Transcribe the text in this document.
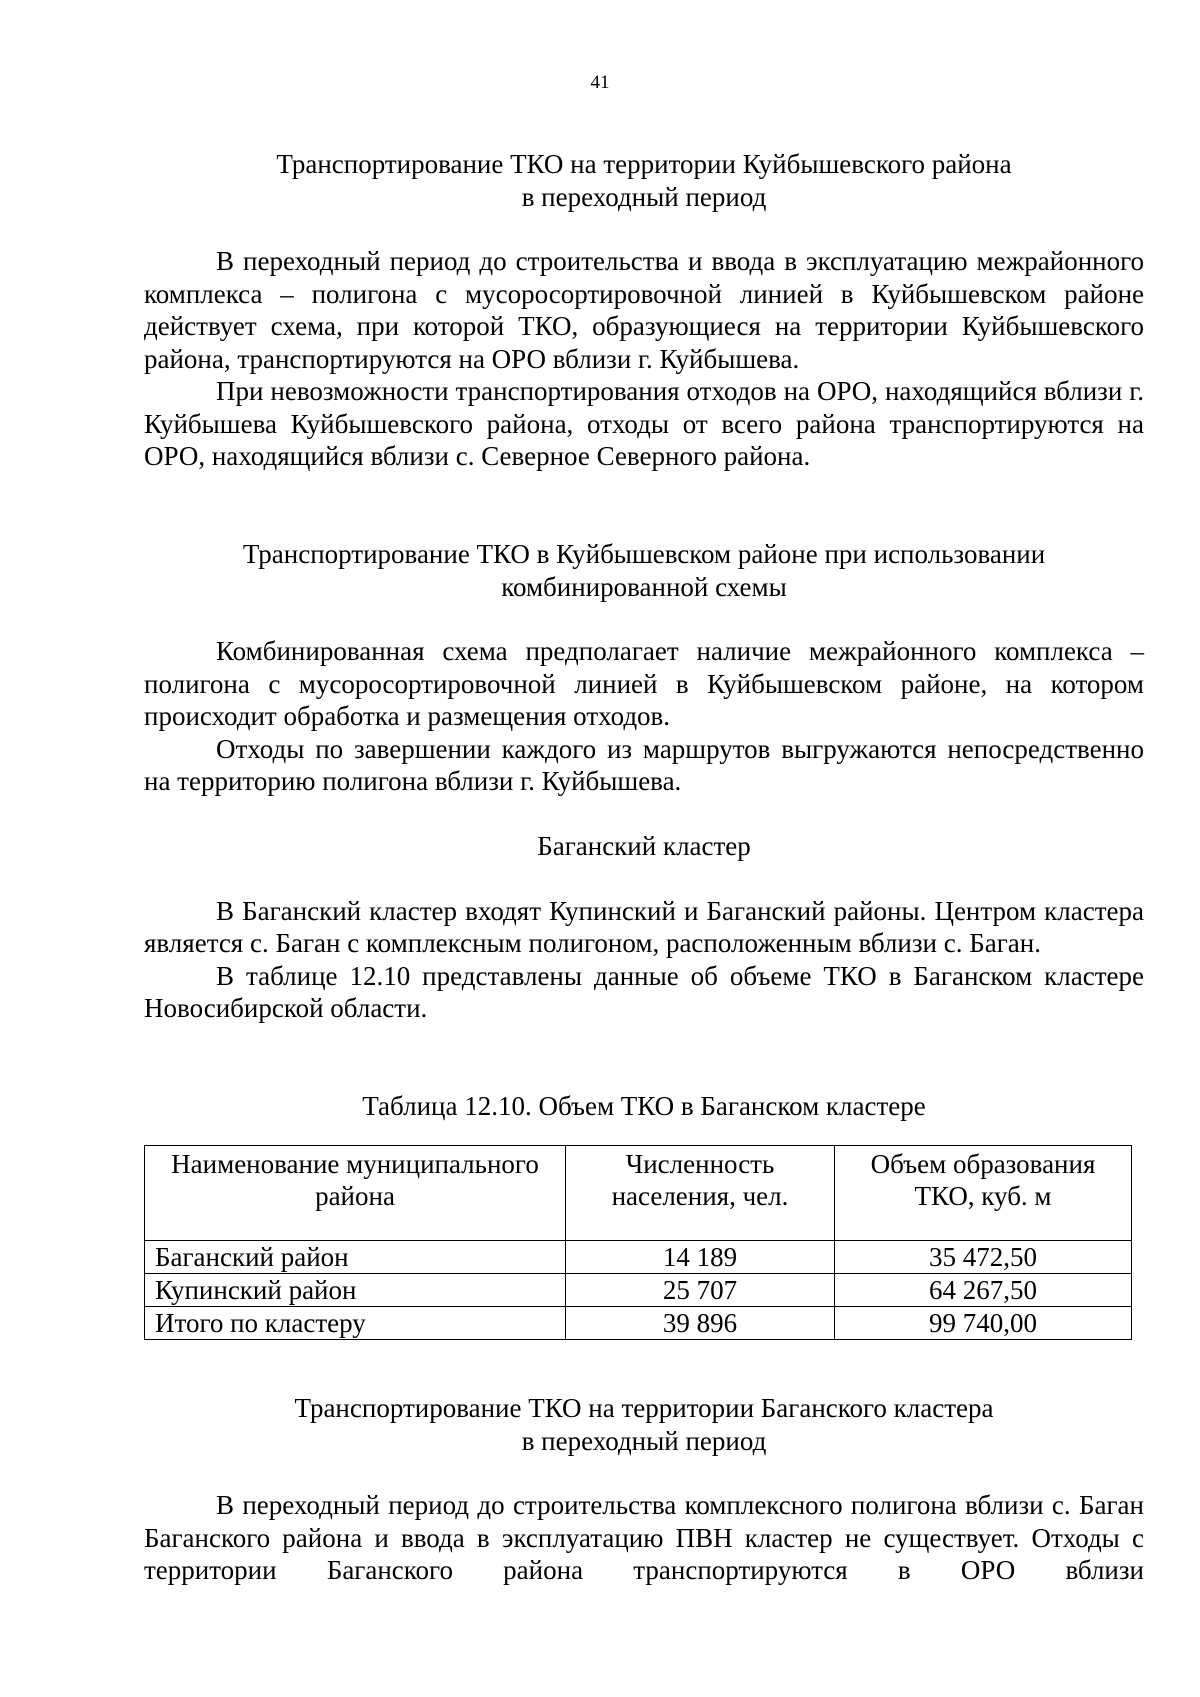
41

Транспортирование ТКО на территории Куйбышевского района

в переходный период

В переходный период до строительства и ввода в эксплуатацию межрайонного комплекса – полигона с мусоросортировочной линией в Куйбышевском районе действует схема, при которой ТКО, образующиеся на территории Куйбышевского района, транспортируются на ОРО вблизи г. Куйбышева.

При невозможности транспортирования отходов на ОРО, находящийся вблизи г. Куйбышева Куйбышевского района, отходы от всего района транспортируются на ОРО, находящийся вблизи с. Северное Северного района.

Транспортирование ТКО в Куйбышевском районе при использовании

комбинированной схемы

Комбинированная схема предполагает наличие межрайонного комплекса – полигона с мусоросортировочной линией в Куйбышевском районе, на котором происходит обработка и размещения отходов.

Отходы по завершении каждого из маршрутов выгружаются непосредственно на территорию полигона вблизи г. Куйбышева.

Баганский кластер

В Баганский кластер входят Купинский и Баганский районы. Центром кластера является с. Баган с комплексным полигоном, расположенным вблизи с. Баган.

В таблице 12.10 представлены данные об объеме ТКО в Баганском кластере Новосибирской области.

Таблица 12.10. Объем ТКО в Баганском кластере

Наименование муниципального района	Численность населения, чел.	Объем образования ТКО, куб. м
Баганский район	14 189	35 472,50
Купинский район	25 707	64 267,50
Итого по кластеру	39 896	99 740,00

Транспортирование ТКО на территории Баганского кластера

в переходный период

В переходный период до строительства комплексного полигона вблизи с. Баган Баганского района и ввода в эксплуатацию ПВН кластер не существует. Отходы с территории Баганского района транспортируются в ОРО вблизи
